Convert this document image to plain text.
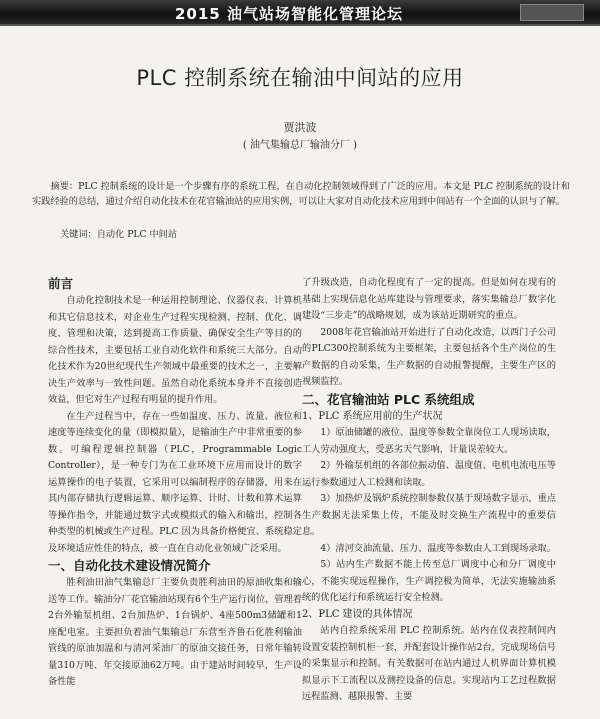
2015 油气站场智能化管理论坛
PLC 控制系统在输油中间站的应用
贾洪波
( 油气集输总厂输油分厂 )
摘要：PLC 控制系统的设计是一个步骤有序的系统工程，在自动化控制领域得到了广泛的应用。本文是 PLC 控制系统的设计和实践经验的总结，通过介绍自动化技术在花官输油站的应用实例，可以让大家对自动化技术应用到中间站有一个全面的认识与了解。
关键词：自动化 PLC 中间站
前言

自动化控制技术是一种运用控制理论、仪器仪表、计算机和其它信息技术，对企业生产过程实现检测、控制、优化、调度、管理和决策，达到提高工作质量、确保安全生产等目的的综合性技术，主要包括工业自动化软件和系统三大部分。自动化技术作为20世纪现代生产领域中最重要的技术之一，主要解决生产效率与一致性问题。虽然自动化系统本身并不直接创造效益，但它对生产过程有明显的提升作用。

在生产过程当中，存在一些如温度、压力、流量、液位和速度等连续变化的量（即模拟量），是输油生产中非常重要的参数。可编程逻辑控制器（PLC，Programmable Logic Controller），是一种专门为在工业环境下应用而设计的数字运算操作的电子装置，它采用可以编制程序的存储器，用来在其内部存储执行逻辑运算、顺序运算、计时、计数和算术运算等操作指令，并能通过数字式或模拟式的输入和输出，控制各种类型的机械或生产过程。PLC 因为具备价格便宜、系统稳定及环境适应性佳的特点，被一直在自动化业领域广泛采用。

一、自动化技术建设情况简介

胜利油田油气集输总厂主要负责胜利油田的原油收集和输送等工作。输油分厂花官输油站现有6个生产运行岗位，管理着2台外输泵机组、2台加热炉、1台锅炉、4座500m3储罐和1座配电室。主要担负着油气集输总厂东营至齐鲁石化胜利输油管线的原油加温和与清河采油厂的原油交接任务，日常年输转量310万吨、年交接原油62万吨。由于建站时间较早，生产设备性能

了升级改造，自动化程度有了一定的提高。但是如何在现有的基础上实现信息化站库建设与管理要求，落实集输总厂数字化建设“三步走”的战略规划，成为该站近期研究的重点。

2008年花官输油站开始进行了自动化改造，以西门子公司的PLC300控制系统为主要框架，主要包括各个生产岗位的生产数据的自动采集，生产数据的自动报警提醒，主要生产区的视频监控。

二、花官输油站 PLC 系统组成
1、PLC 系统应用前的生产状况

1）原油储罐的液位、温度等参数全靠岗位工人现场读取，工人劳动强度大，受恶劣天气影响，计量误差较大。

2）外输泵机组的各部位振动值、温度值、电机电流电压等运行参数通过人工检测和读取。

3）加热炉及锅炉系统控制参数仅基于现场数字显示，重点生产数据无法采集上传，不能及时交换生产流程中的重要信息。

4）清河交油流量、压力、温度等参数由人工到现场录取。

5）站内生产数据不能上传至总厂调度中心和分厂调度中心，不能实现远程操作，生产调控极为简单，无法实施输油系统的优化运行和系统运行安全检测。

2、PLC 建设的具体情况

站内自控系统采用 PLC 控制系统。站内在仪表控制间内设置安装控制机柜一套，并配套设计操作站2台，完成现场信号的采集显示和控制。有关数据可在站内通过人机界面计算机模拟显示下工流程以及测控设备的信息。实现站内工艺过程数据远程监测、越限报警、主要
